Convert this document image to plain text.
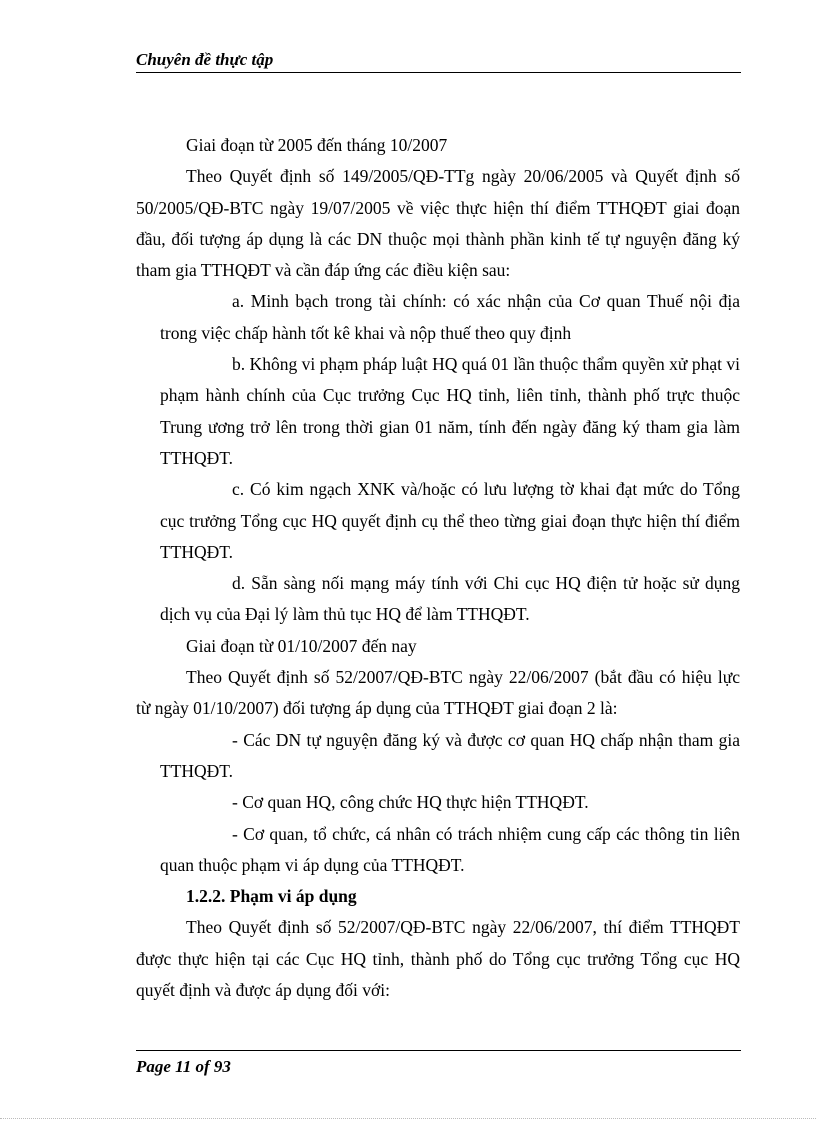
Chuyên đề thực tập

Giai đoạn từ 2005 đến tháng 10/2007

Theo Quyết định số 149/2005/QĐ-TTg ngày 20/06/2005 và Quyết định số 50/2005/QĐ-BTC ngày 19/07/2005 về việc thực hiện thí điểm TTHQĐT giai đoạn đầu, đối tượng áp dụng là các DN thuộc mọi thành phần kinh tế tự nguyện đăng ký tham gia TTHQĐT và cần đáp ứng các điều kiện sau:

a. Minh bạch trong tài chính: có xác nhận của Cơ quan Thuế nội địa trong việc chấp hành tốt kê khai và nộp thuế theo quy định

b. Không vi phạm pháp luật HQ quá 01 lần thuộc thẩm quyền xử phạt vi phạm hành chính của Cục trưởng Cục HQ tỉnh, liên tỉnh, thành phố trực thuộc Trung ương trở lên trong thời gian 01 năm, tính đến ngày đăng ký tham gia làm TTHQĐT.

c. Có kim ngạch XNK và/hoặc có lưu lượng tờ khai đạt mức do Tổng cục trưởng Tổng cục HQ quyết định cụ thể theo từng giai đoạn thực hiện thí điểm TTHQĐT.

d. Sẵn sàng nối mạng máy tính với Chi cục HQ điện tử hoặc sử dụng dịch vụ của Đại lý làm thủ tục HQ để làm TTHQĐT.

Giai đoạn từ 01/10/2007 đến nay

Theo Quyết định số 52/2007/QĐ-BTC ngày 22/06/2007 (bắt đầu có hiệu lực từ ngày 01/10/2007) đối tượng áp dụng của TTHQĐT giai đoạn 2 là:

- Các DN tự nguyện đăng ký và được cơ quan HQ chấp nhận tham gia TTHQĐT.

- Cơ quan HQ, công chức HQ thực hiện TTHQĐT.

- Cơ quan, tổ chức, cá nhân có trách nhiệm cung cấp các thông tin liên quan thuộc phạm vi áp dụng của TTHQĐT.

1.2.2. Phạm vi áp dụng

Theo Quyết định số 52/2007/QĐ-BTC ngày 22/06/2007, thí điểm TTHQĐT được thực hiện tại các Cục HQ tỉnh, thành phố do Tổng cục trưởng Tổng cục HQ quyết định và được áp dụng đối với:

Page 11 of 93
